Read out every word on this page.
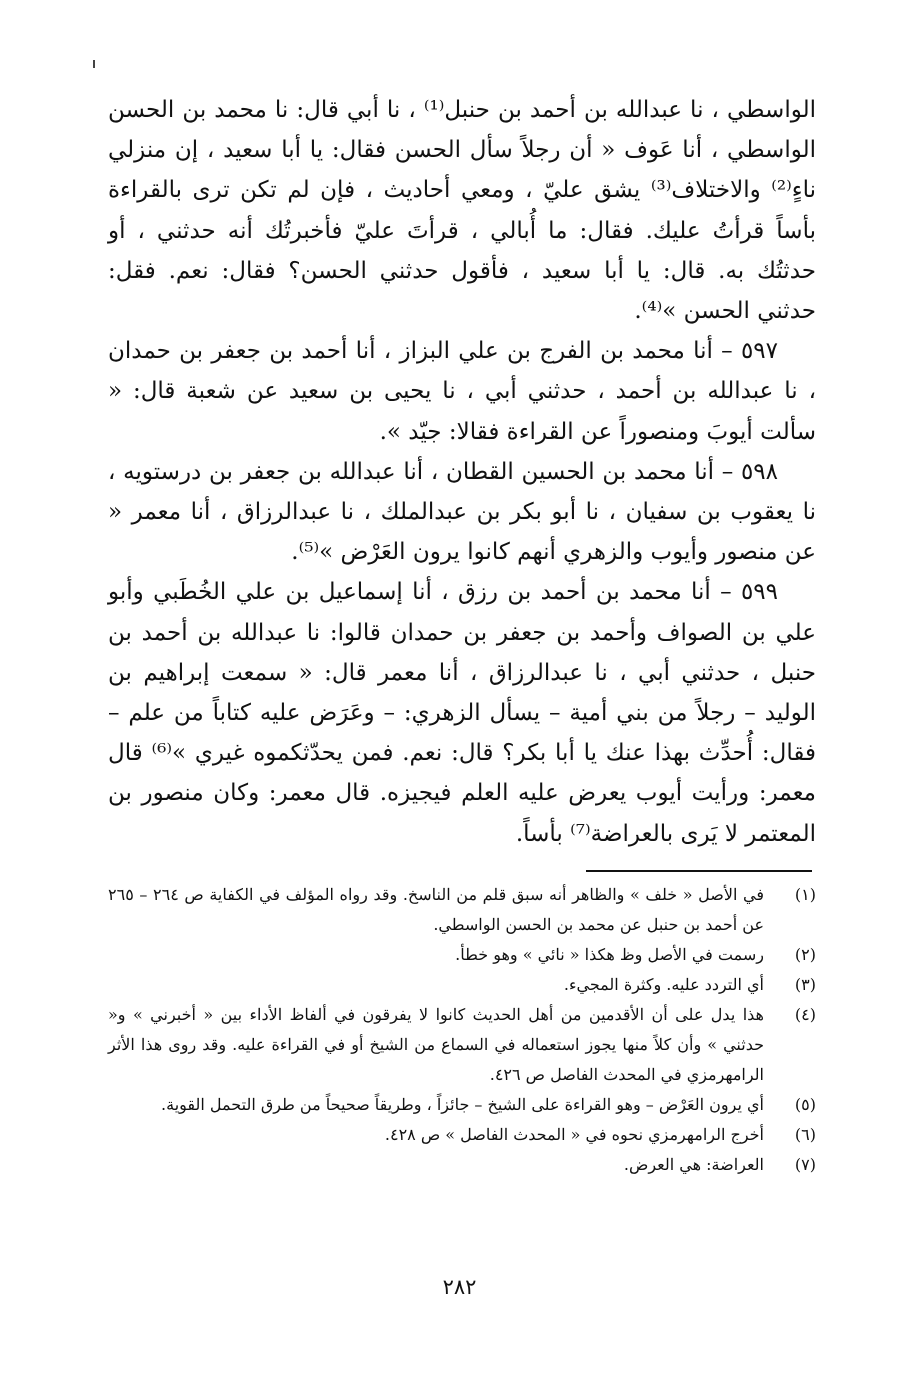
الواسطي ، نا عبدالله بن أحمد بن حنبل⁽¹⁾ ، نا أبي قال: نا محمد بن الحسن الواسطي ، أنا عَوف « أن رجلاً سأل الحسن فقال: يا أبا سعيد ، إن منزلي ناءٍ⁽²⁾ والاختلاف⁽³⁾ يشق عليّ ، ومعي أحاديث ، فإن لم تكن ترى بالقراءة بأساً قرأتُ عليك. فقال: ما أُبالي ، قرأتَ عليّ فأخبرتُك أنه حدثني ، أو حدثتُك به. قال: يا أبا سعيد ، فأقول حدثني الحسن؟ فقال: نعم. فقل: حدثني الحسن »⁽⁴⁾.

٥٩٧ – أنا محمد بن الفرج بن علي البزاز ، أنا أحمد بن جعفر بن حمدان ، نا عبدالله بن أحمد ، حدثني أبي ، نا يحيى بن سعيد عن شعبة قال: « سألت أيوبَ ومنصوراً عن القراءة فقالا: جيّد ».

٥٩٨ – أنا محمد بن الحسين القطان ، أنا عبدالله بن جعفر بن درستويه ، نا يعقوب بن سفيان ، نا أبو بكر بن عبدالملك ، نا عبدالرزاق ، أنا معمر « عن منصور وأيوب والزهري أنهم كانوا يرون العَرْض »⁽⁵⁾.

٥٩٩ – أنا محمد بن أحمد بن رزق ، أنا إسماعيل بن علي الخُطَبي وأبو علي بن الصواف وأحمد بن جعفر بن حمدان قالوا: نا عبدالله بن أحمد بن حنبل ، حدثني أبي ، نا عبدالرزاق ، أنا معمر قال: « سمعت إبراهيم بن الوليد – رجلاً من بني أمية – يسأل الزهري: – وعَرَض عليه كتاباً من علم – فقال: أُحدِّث بهذا عنك يا أبا بكر؟ قال: نعم. فمن يحدّثكموه غيري »⁽⁶⁾ قال معمر: ورأيت أيوب يعرض عليه العلم فيجيزه. قال معمر: وكان منصور بن المعتمر لا يَرى بالعراضة⁽⁷⁾ بأساً.

(١)
في الأصل « خلف » والظاهر أنه سبق قلم من الناسخ. وقد رواه المؤلف في الكفاية ص ٢٦٤ – ٢٦٥ عن أحمد بن حنبل عن محمد بن الحسن الواسطي.
(٢)
رسمت في الأصل وظ هكذا « نائي » وهو خطأ.
(٣)
أي التردد عليه. وكثرة المجيء.
(٤)
هذا يدل على أن الأقدمين من أهل الحديث كانوا لا يفرقون في ألفاظ الأداء بين « أخبرني » و« حدثني » وأن كلاً منها يجوز استعماله في السماع من الشيخ أو في القراءة عليه. وقد روى هذا الأثر الرامهرمزي في المحدث الفاصل ص ٤٢٦.
(٥)
أي يرون العَرْض – وهو القراءة على الشيخ – جائزاً ، وطريقاً صحيحاً من طرق التحمل القوية.
(٦)
أخرج الرامهرمزي نحوه في « المحدث الفاصل » ص ٤٢٨.
(٧)
العراضة: هي العرض.
٢٨٢
